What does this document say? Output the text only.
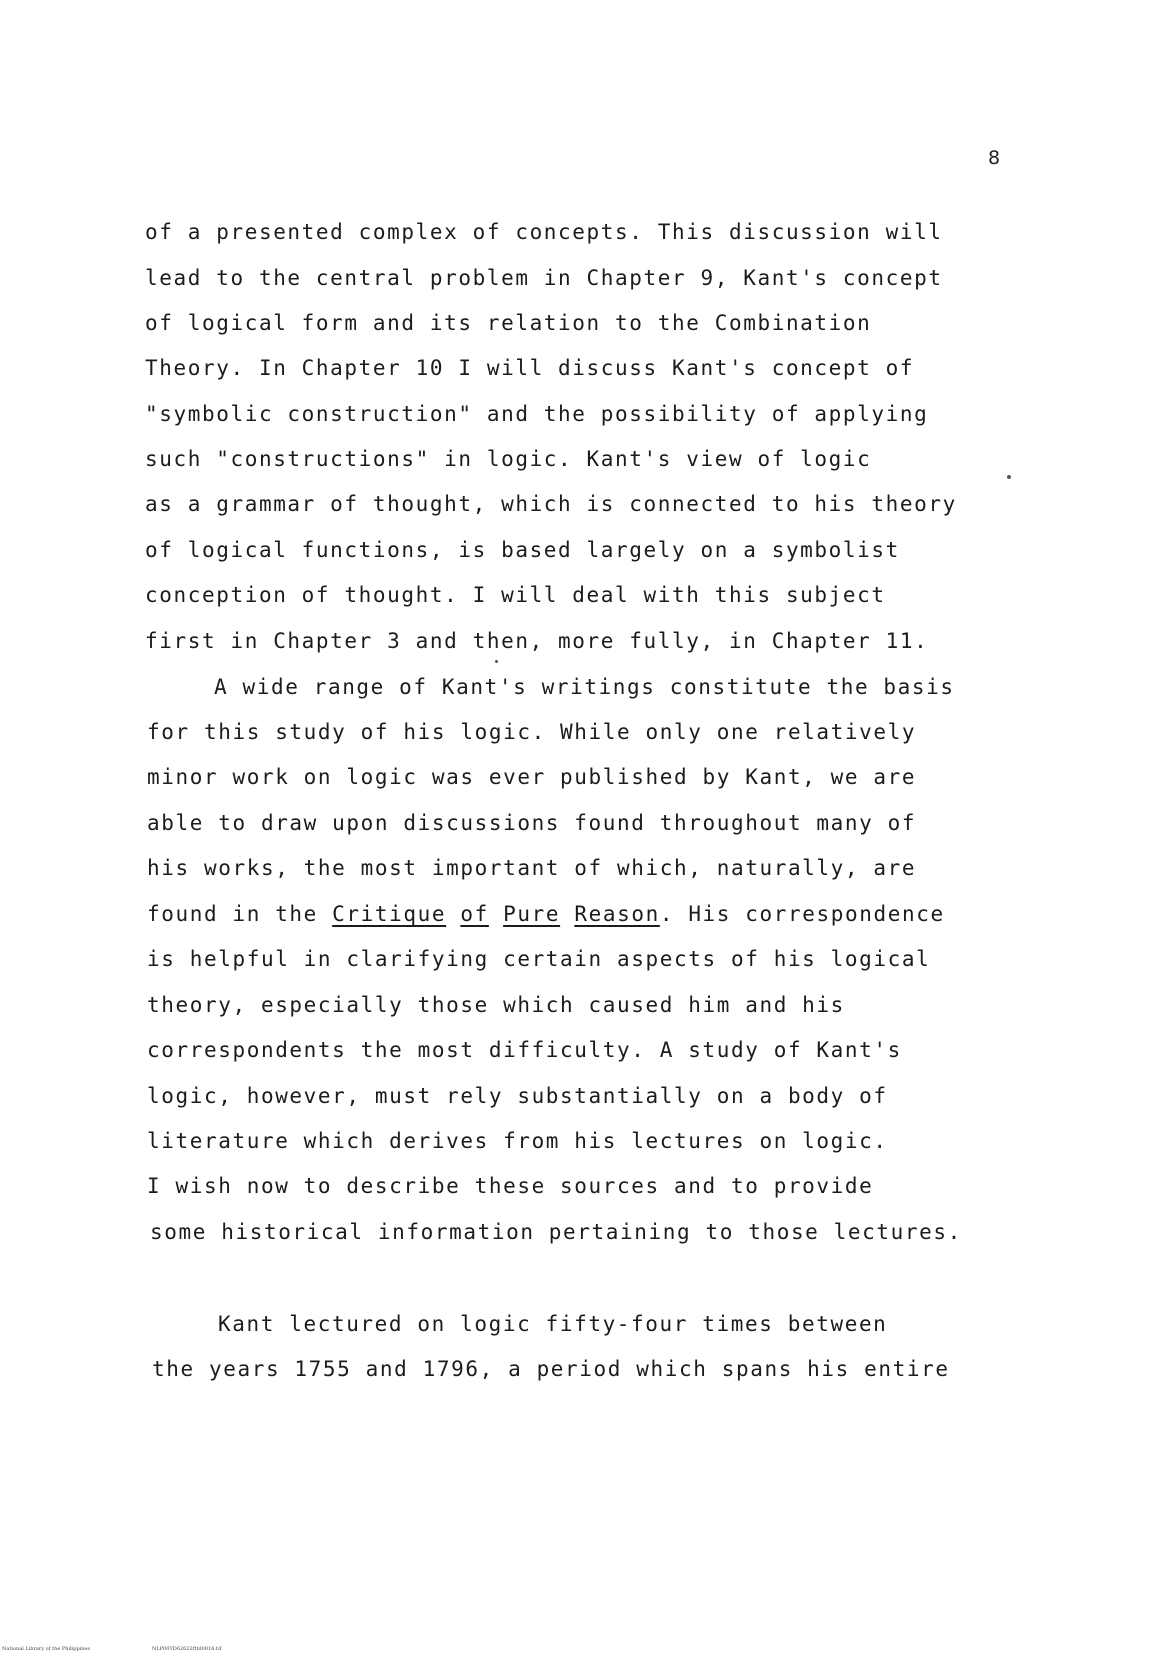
8
of a presented complex of concepts. This discussion will
lead to the central problem in Chapter 9, Kant's concept
of logical form and its relation to the Combination
Theory. In Chapter 10 I will discuss Kant's concept of
"symbolic construction" and the possibility of applying
such "constructions" in logic. Kant's view of logic
as a grammar of thought, which is connected to his theory
of logical functions, is based largely on a symbolist
conception of thought. I will deal with this subject
first in Chapter 3 and then, more fully, in Chapter 11.
A wide range of Kant's writings constitute the basis
for this study of his logic. While only one relatively
minor work on logic was ever published by Kant, we are
able to draw upon discussions found throughout many of
his works, the most important of which, naturally, are
found in the Critique of Pure Reason. His correspondence
is helpful in clarifying certain aspects of his logical
theory, especially those which caused him and his
correspondents the most difficulty. A study of Kant's
logic, however, must rely substantially on a body of
literature which derives from his lectures on logic.
I wish now to describe these sources and to provide
some historical information pertaining to those lectures.
Kant lectured on logic fifty-four times between
the years 1755 and 1796, a period which spans his entire
National Library of the Philippines	NLP00TD62622fttd0016.tif
